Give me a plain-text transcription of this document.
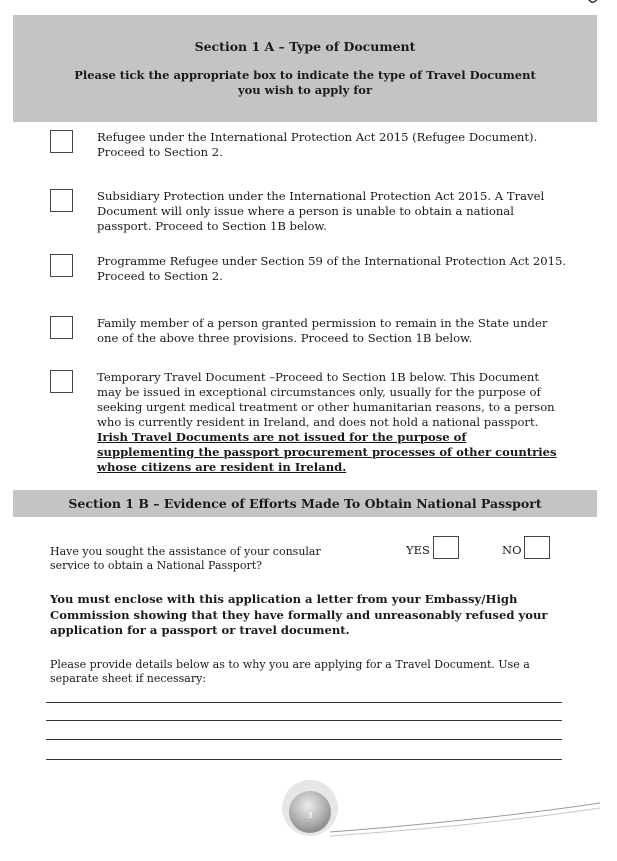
Section 1 A – Type of Document
Please tick the appropriate box to indicate the type of Travel Document you wish to apply for
Refugee under the International Protection Act 2015 (Refugee Document). Proceed to Section 2.
Subsidiary Protection under the International Protection Act 2015. A Travel Document will only issue where a person is unable to obtain a national passport. Proceed to Section 1B below.
Programme Refugee under Section 59 of the International Protection Act 2015. Proceed to Section 2.
Family member of a person granted permission to remain in the State under one of the above three provisions. Proceed to Section 1B below.
Temporary Travel Document –Proceed to Section 1B below. This Document may be issued in exceptional circumstances only, usually for the purpose of seeking urgent medical treatment or other humanitarian reasons, to a person who is currently resident in Ireland, and does not hold a national passport. Irish Travel Documents are not issued for the purpose of supplementing the passport procurement processes of other countries whose citizens are resident in Ireland.
Section 1 B – Evidence of Efforts Made To Obtain National Passport
Have you sought the assistance of your consular service to obtain a National Passport?
YES	NO
You must enclose with this application a letter from your Embassy/High Commission showing that they have formally and unreasonably refused your application for a passport or travel document.
Please provide details below as to why you are applying for a Travel Document. Use a separate sheet if necessary:
3
